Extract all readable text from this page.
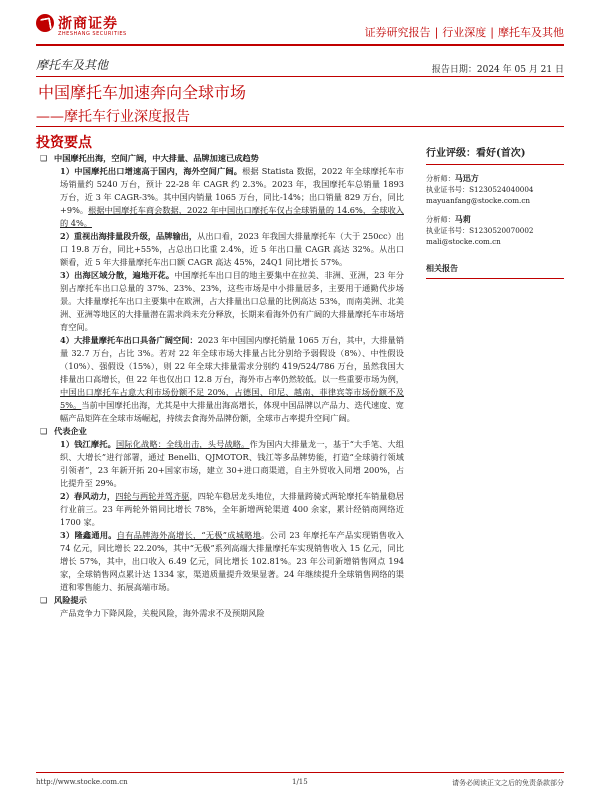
浙商证券
ZHESHANG SECURITIES	证券研究报告 | 行业深度 | 摩托车及其他
摩托车及其他	报告日期：2024 年 05 月 21 日
中国摩托车加速奔向全球市场
——摩托车行业深度报告
投资要点

❑ 中国摩托出海，空间广阔，中大排量、品牌加速已成趋势

1）中国摩托出口增速高于国内，海外空间广阔。根据 Statista 数据，2022 年全球摩托车市场销量约 5240 万台，预计 22-28 年 CAGR 约 2.3%。2023 年，我国摩托车总销量 1893 万台，近 3 年 CAGR-3%。其中国内销量 1065 万台，同比-14%；出口销量 829 万台，同比+9%。根据中国摩托车商会数据，2022 年中国出口摩托车仅占全球销量的 14.6%，全球收入的 4%。

2）重视出海排量段升级，品牌输出，从出口看，2023 年我国大排量摩托车（大于 250cc）出口 19.8 万台，同比+55%，占总出口比重 2.4%，近 5 年出口量 CAGR 高达 32%。从出口额看，近 5 年大排量摩托车出口额 CAGR 高达 45%，24Q1 同比增长 57%。

3）出海区域分散，遍地开花。中国摩托车出口目的地主要集中在拉美、非洲、亚洲，23 年分别占摩托车出口总量的 37%、23%、23%，这些市场是中小排量居多，主要用于通勤代步场景。大排量摩托车出口主要集中在欧洲，占大排量出口总量的比例高达 53%，而南美洲、北美洲、亚洲等地区的大排量潜在需求尚未充分释放，长期来看海外仍有广阔的大排量摩托车市场培育空间。

4）大排量摩托车出口具备广阔空间：2023 年中国国内摩托销量 1065 万台，其中，大排量销量 32.7 万台，占比 3%。若对 22 年全球市场大排量占比分别给予弱假设（8%）、中性假设（10%）、强假设（15%），则 22 年全球大排量需求分别约 419/524/786 万台，虽然我国大排量出口高增长，但 22 年也仅出口 12.8 万台，海外市占率仍然较低。以一些重要市场为例，中国出口摩托车占意大利市场份额不足 20%，占德国、印尼、越南、菲律宾等市场份额不及 5%。当前中国摩托出海，尤其是中大排量出海高增长，体现中国品牌以产品力、迭代速度、宽幅产品矩阵在全球市场崛起，持续去食海外品牌份额，全球市占率提升空间广阔。

❑ 代表企业

1）钱江摩托。国际化战略：全线出击，头号战略。作为国内大排量龙一，基于“大手笔、大组织、大增长”进行部署，通过 Benelli、QJMOTOR、钱江等多品牌势能，打造“全球骑行领域引领者”，23 年新开拓 20+国家市场，建立 30+进口商渠道，自主外贸收入同增 200%，占比提升至 29%。

2）春风动力，四轮与两轮并驾齐驱，四轮车稳居龙头地位，大排量跨骑式两轮摩托车销量稳居行业前三。23 年两轮外销同比增长 78%，全年新增两轮渠道 400 余家，累计经销商网络近 1700 家。

3）隆鑫通用。自有品牌海外高增长，“无极”成城略地。公司 23 年摩托车产品实现销售收入 74 亿元，同比增长 22.20%，其中“无极”系列高端大排量摩托车实现销售收入 15 亿元，同比增长 57%，其中，出口收入 6.49 亿元，同比增长 102.81%。23 年公司新增销售网点 194 家，全球销售网点累计达 1334 家，渠道质量提升效果显著。24 年继续提升全球销售网络的渠道和零售能力、拓展高端市场。

❑ 风险提示

产品竞争力下降风险，关税风险，海外需求不及预期风险

行业评级：看好(首次)
分析师：马迅方
执业证书号：S1230524040004
mayuanfang@stocke.com.cn
分析师：马莉
执业证书号：S1230520070002
mali@stocke.com.cn
相关报告
http://www.stocke.com.cn	1/15	请务必阅读正文之后的免责条款部分
